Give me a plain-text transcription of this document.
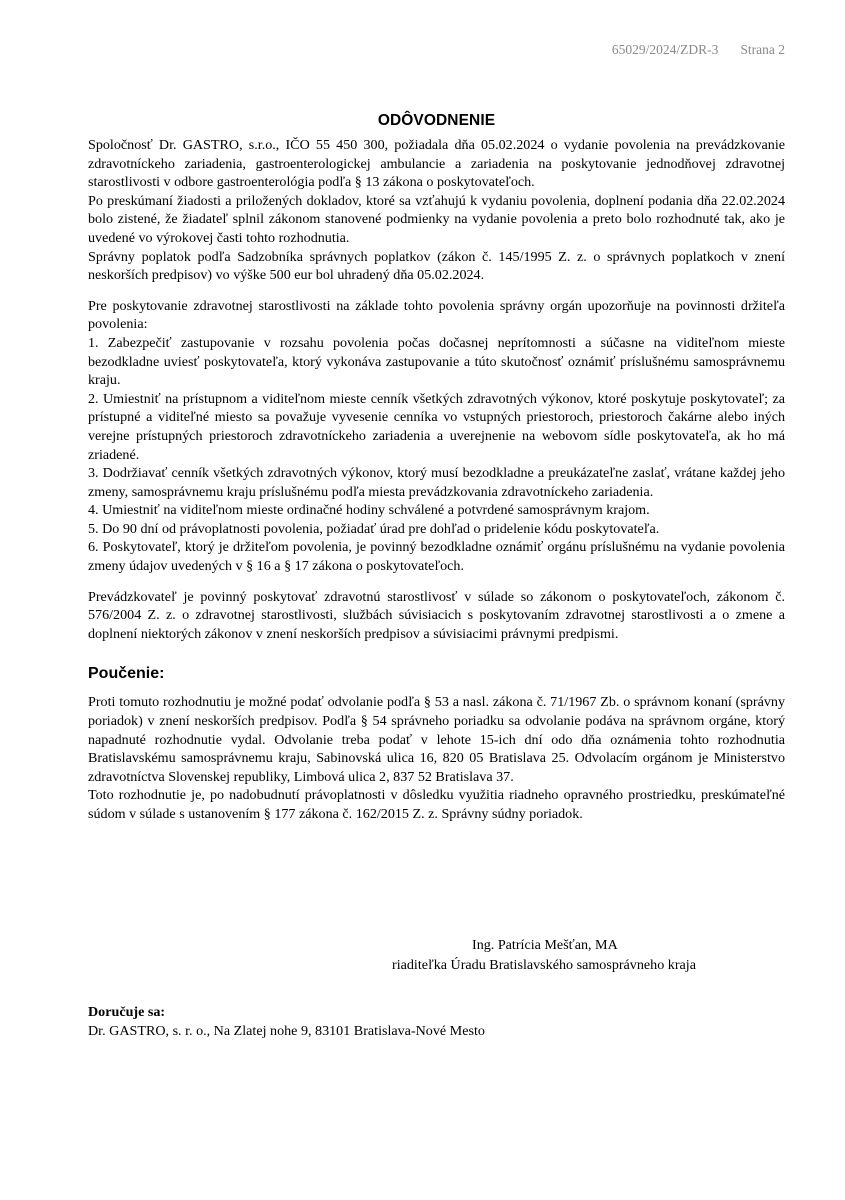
65029/2024/ZDR-3 Strana 2
ODÔVODNENIE

Spoločnosť Dr. GASTRO, s.r.o., IČO 55 450 300, požiadala dňa 05.02.2024 o vydanie povolenia na prevádzkovanie zdravotníckeho zariadenia, gastroenterologickej ambulancie a zariadenia na poskytovanie jednodňovej zdravotnej starostlivosti v odbore gastroenterológia podľa § 13 zákona o poskytovateľoch.

Po preskúmaní žiadosti a priložených dokladov, ktoré sa vzťahujú k vydaniu povolenia, doplnení podania dňa 22.02.2024 bolo zistené, že žiadateľ splnil zákonom stanovené podmienky na vydanie povolenia a preto bolo rozhodnuté tak, ako je uvedené vo výrokovej časti tohto rozhodnutia.

Správny poplatok podľa Sadzobníka správnych poplatkov (zákon č. 145/1995 Z. z. o správnych poplatkoch v znení neskorších predpisov) vo výške 500 eur bol uhradený dňa 05.02.2024.

Pre poskytovanie zdravotnej starostlivosti na základe tohto povolenia správny orgán upozorňuje na povinnosti držiteľa povolenia:

1. Zabezpečiť zastupovanie v rozsahu povolenia počas dočasnej neprítomnosti a súčasne na viditeľnom mieste bezodkladne uviesť poskytovateľa, ktorý vykonáva zastupovanie a túto skutočnosť oznámiť príslušnému samosprávnemu kraju.

2. Umiestniť na prístupnom a viditeľnom mieste cenník všetkých zdravotných výkonov, ktoré poskytuje poskytovateľ; za prístupné a viditeľné miesto sa považuje vyvesenie cenníka vo vstupných priestoroch, priestoroch čakárne alebo iných verejne prístupných priestoroch zdravotníckeho zariadenia a uverejnenie na webovom sídle poskytovateľa, ak ho má zriadené.

3. Dodržiavať cenník všetkých zdravotných výkonov, ktorý musí bezodkladne a preukázateľne zaslať, vrátane každej jeho zmeny, samosprávnemu kraju príslušnému podľa miesta prevádzkovania zdravotníckeho zariadenia.

4. Umiestniť na viditeľnom mieste ordinačné hodiny schválené a potvrdené samosprávnym krajom.

5. Do 90 dní od právoplatnosti povolenia, požiadať úrad pre dohľad o pridelenie kódu poskytovateľa.

6. Poskytovateľ, ktorý je držiteľom povolenia, je povinný bezodkladne oznámiť orgánu príslušnému na vydanie povolenia zmeny údajov uvedených v § 16 a § 17 zákona o poskytovateľoch.

Prevádzkovateľ je povinný poskytovať zdravotnú starostlivosť v súlade so zákonom o poskytovateľoch, zákonom č. 576/2004 Z. z. o zdravotnej starostlivosti, službách súvisiacich s poskytovaním zdravotnej starostlivosti a o zmene a doplnení niektorých zákonov v znení neskorších predpisov a súvisiacimi právnymi predpismi.

Poučenie:

Proti tomuto rozhodnutiu je možné podať odvolanie podľa § 53 a nasl. zákona č. 71/1967 Zb. o správnom konaní (správny poriadok) v znení neskorších predpisov. Podľa § 54 správneho poriadku sa odvolanie podáva na správnom orgáne, ktorý napadnuté rozhodnutie vydal. Odvolanie treba podať v lehote 15-ich dní odo dňa oznámenia tohto rozhodnutia Bratislavskému samosprávnemu kraju, Sabinovská ulica 16, 820 05 Bratislava 25. Odvolacím orgánom je Ministerstvo zdravotníctva Slovenskej republiky, Limbová ulica 2, 837 52 Bratislava 37.

Toto rozhodnutie je, po nadobudnutí právoplatnosti v dôsledku využitia riadneho opravného prostriedku, preskúmateľné súdom v súlade s ustanovením § 177 zákona č. 162/2015 Z. z. Správny súdny poriadok.

Ing. Patrícia Mešťan, MA
riaditeľka Úradu Bratislavského samosprávneho kraja
Doručuje sa:
Dr. GASTRO, s. r. o., Na Zlatej nohe 9, 83101 Bratislava-Nové Mesto
